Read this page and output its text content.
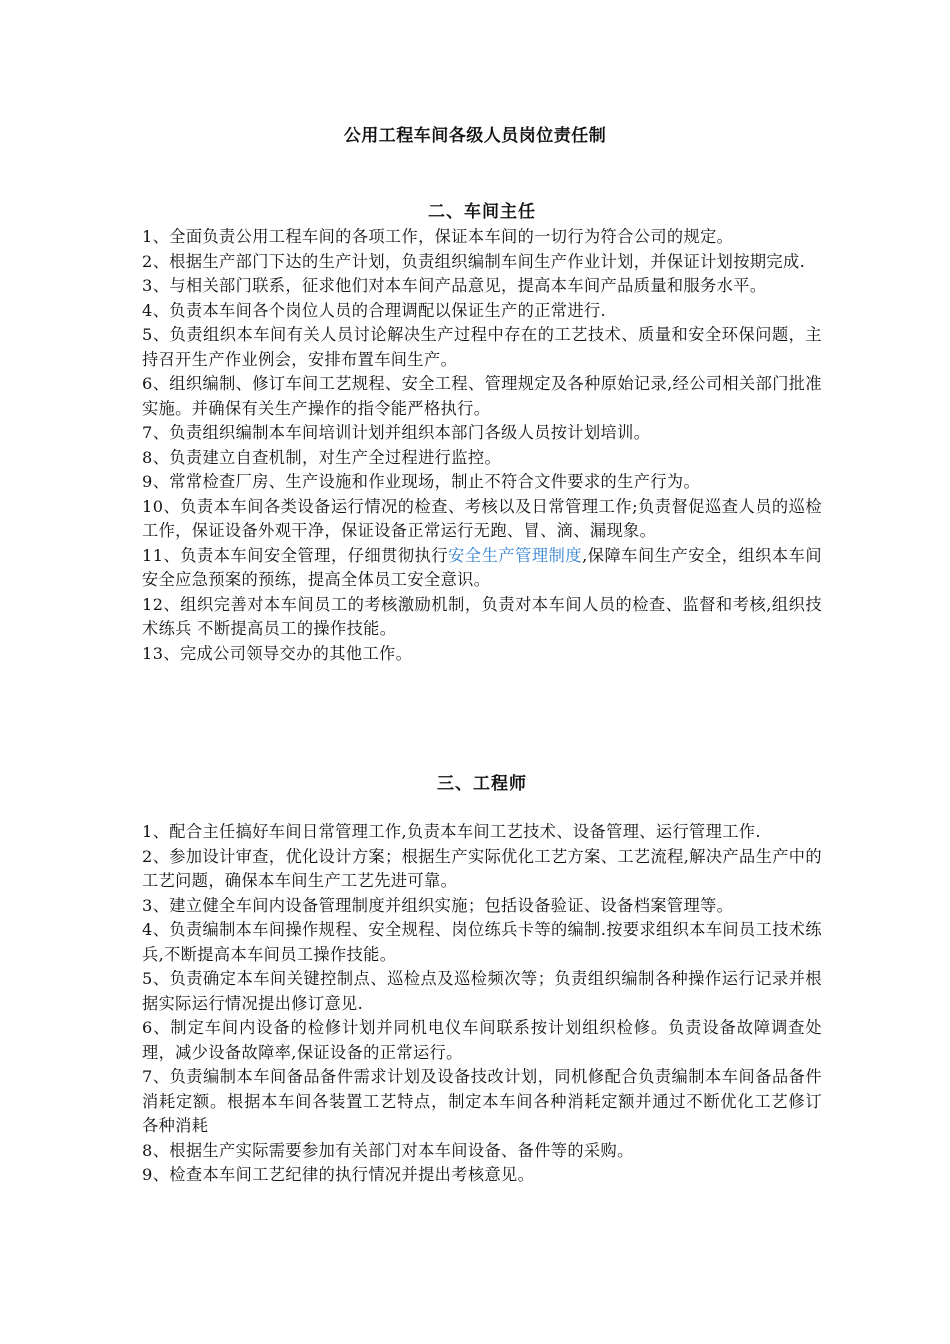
公用工程车间各级人员岗位责任制
二、车间主任

1、全面负责公用工程车间的各项工作，保证本车间的一切行为符合公司的规定。

2、根据生产部门下达的生产计划，负责组织编制车间生产作业计划，并保证计划按期完成.

3、与相关部门联系，征求他们对本车间产品意见，提高本车间产品质量和服务水平。

4、负责本车间各个岗位人员的合理调配以保证生产的正常进行.

5、负责组织本车间有关人员讨论解决生产过程中存在的工艺技术、质量和安全环保问题，主持召开生产作业例会，安排布置车间生产。

6、组织编制、修订车间工艺规程、安全工程、管理规定及各种原始记录,经公司相关部门批准实施。并确保有关生产操作的指令能严格执行。

7、负责组织编制本车间培训计划并组织本部门各级人员按计划培训。

8、负责建立自查机制，对生产全过程进行监控。

9、常常检查厂房、生产设施和作业现场，制止不符合文件要求的生产行为。

10、负责本车间各类设备运行情况的检查、考核以及日常管理工作;负责督促巡查人员的巡检工作，保证设备外观干净，保证设备正常运行无跑、冒、滴、漏现象。

11、负责本车间安全管理，仔细贯彻执行安全生产管理制度,保障车间生产安全，组织本车间安全应急预案的预练，提高全体员工安全意识。

12、组织完善对本车间员工的考核激励机制，负责对本车间人员的检查、监督和考核,组织技术练兵 不断提高员工的操作技能。

13、完成公司领导交办的其他工作。

三、工程师

1、配合主任搞好车间日常管理工作,负责本车间工艺技术、设备管理、运行管理工作.

2、参加设计审查，优化设计方案；根据生产实际优化工艺方案、工艺流程,解决产品生产中的工艺问题，确保本车间生产工艺先进可靠。

3、建立健全车间内设备管理制度并组织实施；包括设备验证、设备档案管理等。

4、负责编制本车间操作规程、安全规程、岗位练兵卡等的编制.按要求组织本车间员工技术练兵,不断提高本车间员工操作技能。

5、负责确定本车间关键控制点、巡检点及巡检频次等；负责组织编制各种操作运行记录并根据实际运行情况提出修订意见.

6、制定车间内设备的检修计划并同机电仪车间联系按计划组织检修。负责设备故障调查处理，减少设备故障率,保证设备的正常运行。

7、负责编制本车间备品备件需求计划及设备技改计划，同机修配合负责编制本车间备品备件消耗定额。根据本车间各装置工艺特点，制定本车间各种消耗定额并通过不断优化工艺修订各种消耗

8、根据生产实际需要参加有关部门对本车间设备、备件等的采购。

9、检查本车间工艺纪律的执行情况并提出考核意见。
